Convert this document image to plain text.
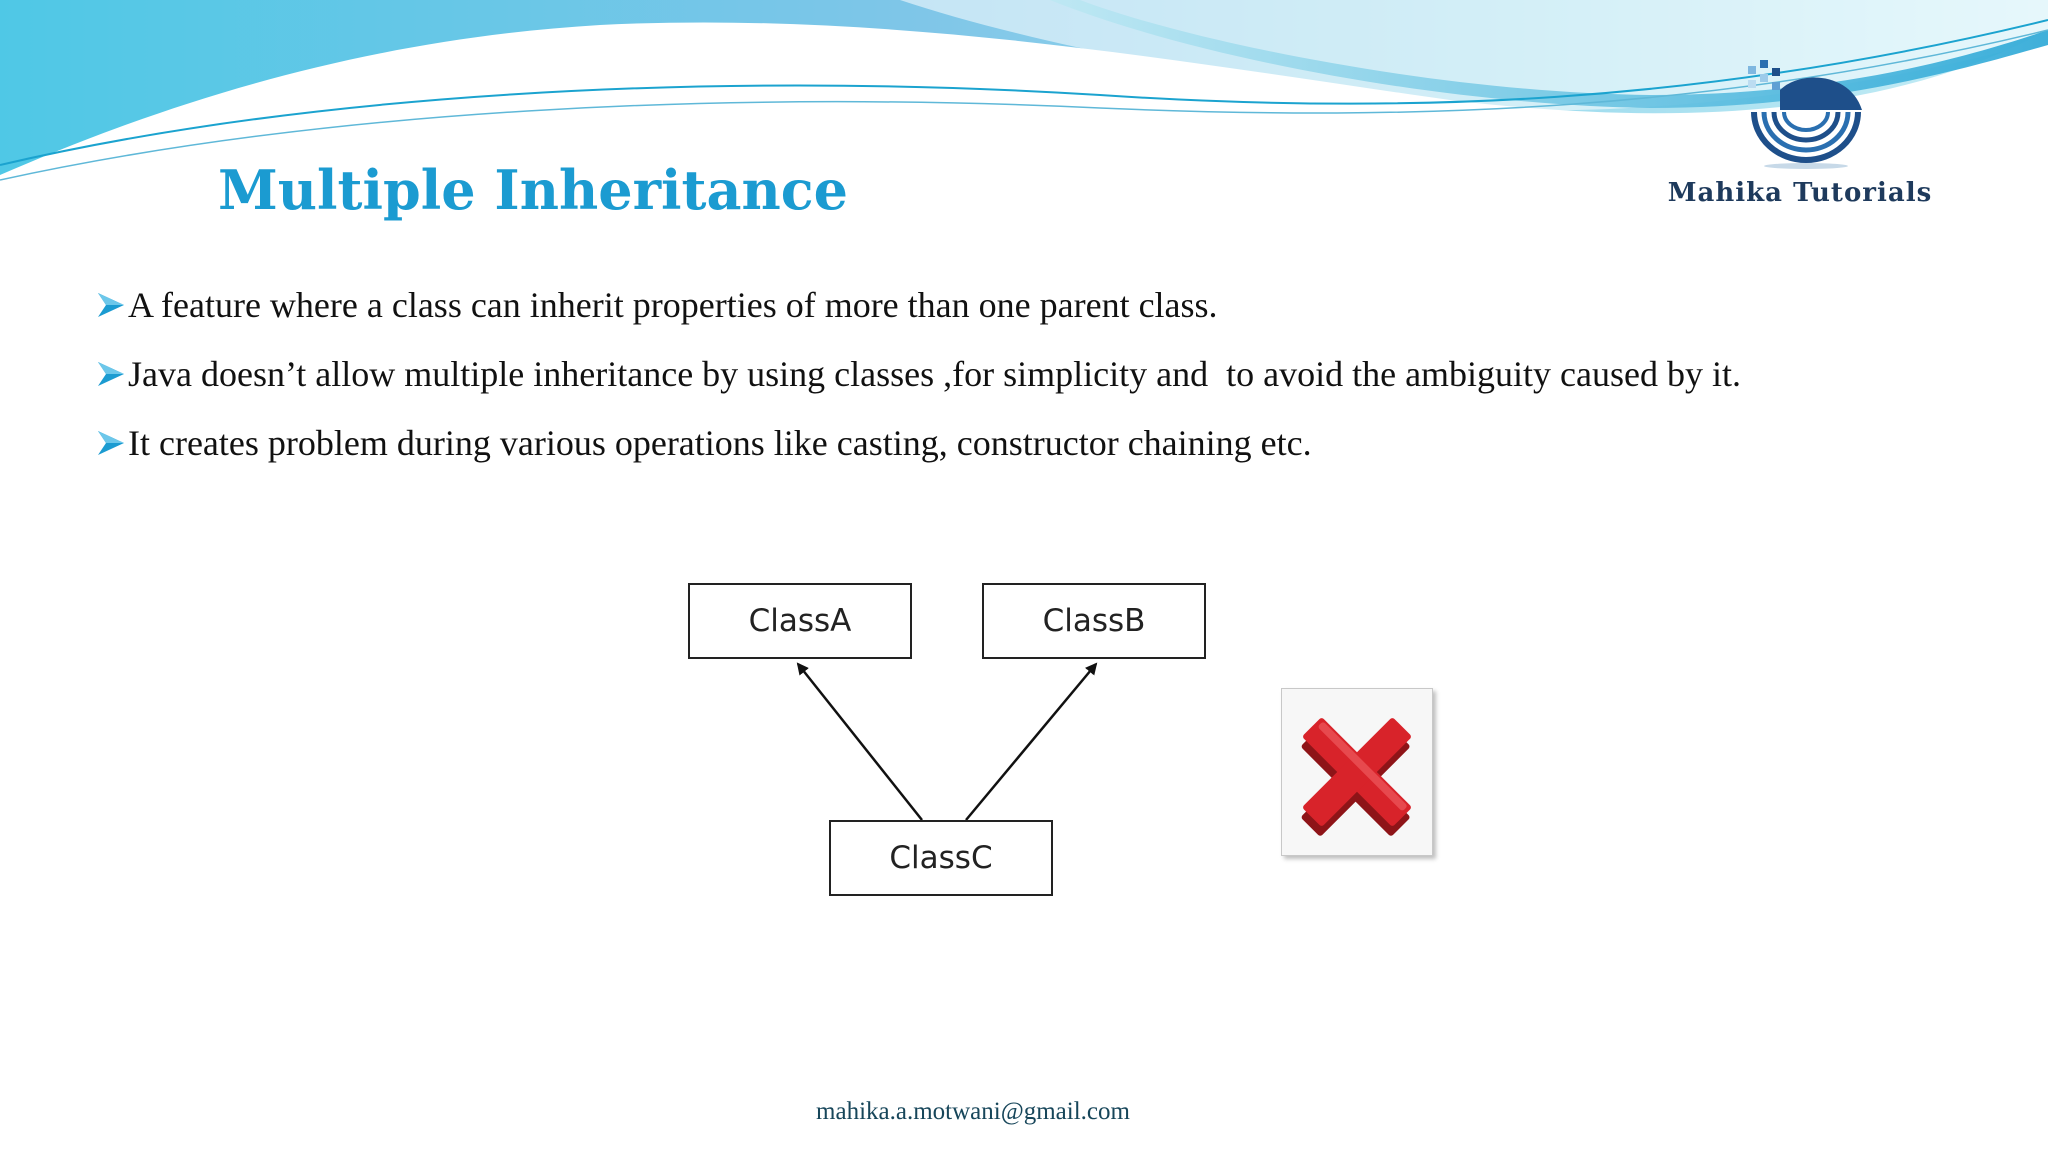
Multiple Inheritance	Mahika Tutorials
A feature where a class can inherit properties of more than one parent class.
Java doesn’t allow multiple inheritance by using classes ,for simplicity and  to avoid the ambiguity caused by it.
It creates problem during various operations like casting, constructor chaining etc.
ClassA	ClassB
ClassC
mahika.a.motwani@gmail.com
